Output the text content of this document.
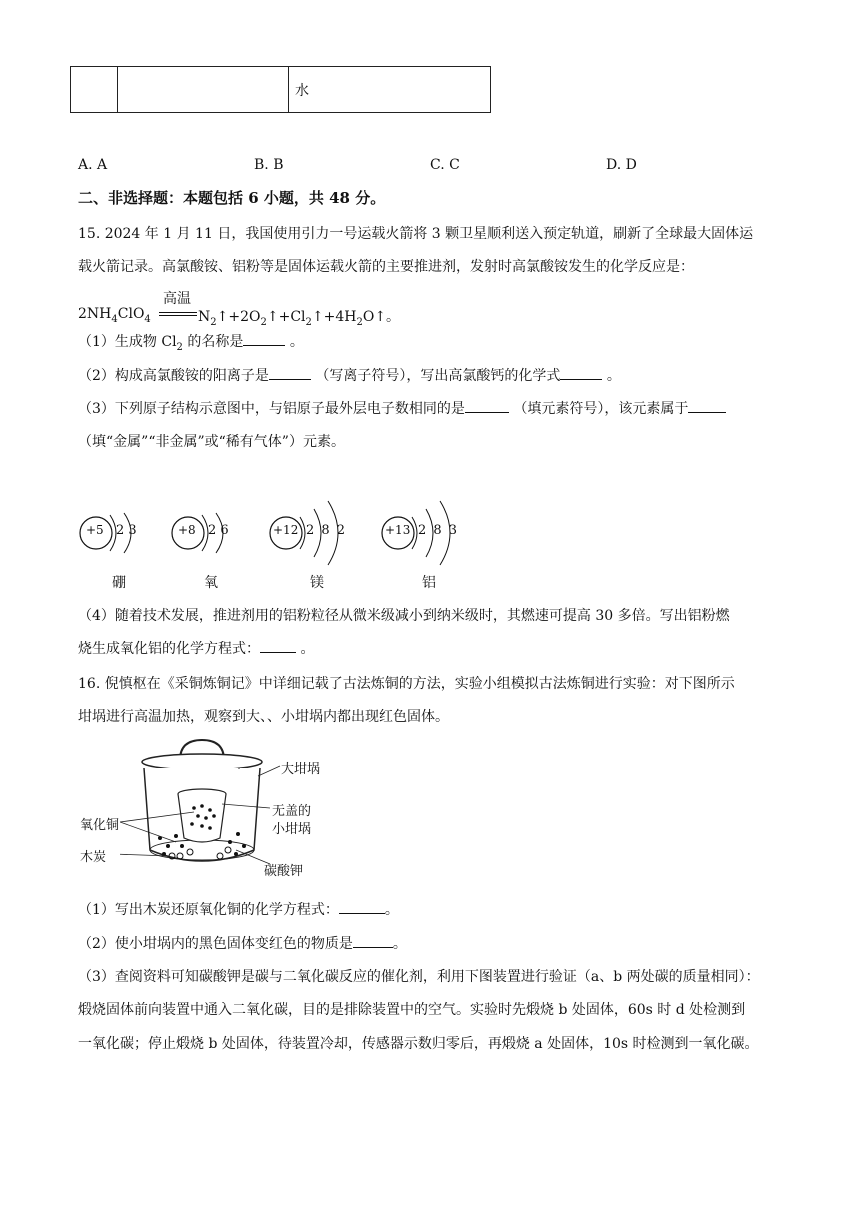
		水
A. A	B. B	C. C	D. D
二、非选择题：本题包括 6 小题，共 48 分。
15. 2024 年 1 月 11 日，我国使用引力一号运载火箭将 3 颗卫星顺利送入预定轨道，刷新了全球最大固体运
载火箭记录。高氯酸铵、铝粉等是固体运载火箭的主要推进剂，发射时高氯酸铵发生的化学反应是：
$2NH_4ClO_4$
高温
$N_2↑+2O_2↑+Cl_2↑+4H_2O↑$。
（1）生成物 $Cl_2$ 的名称是	。
（2）构成高氯酸铵的阳离子是	（写离子符号），写出高氯酸钙的化学式	。
（3）下列原子结构示意图中，与铝原子最外层电子数相同的是	（填元素符号），该元素属于
（填“金属”“非金属”或“稀有气体”）元素。
+5 2 3
硼
+8 2 6
氧
+12 2 8 2
镁
+13 2 8 3
铝
（4）随着技术发展，推进剂用的铝粉粒径从微米级减小到纳米级时，其燃速可提高 30 多倍。写出铝粉燃
烧生成氧化铝的化学方程式：	。
16. 倪慎枢在《采铜炼铜记》中详细记载了古法炼铜的方法，实验小组模拟古法炼铜进行实验：对下图所示
坩埚进行高温加热，观察到大、、小坩埚内都出现红色固体。
大坩埚
无盖的
小坩埚
氧化铜
木炭
碳酸钾
（1）写出木炭还原氧化铜的化学方程式：	。
（2）使小坩埚内的黑色固体变红色的物质是	。
（3）查阅资料可知碳酸钾是碳与二氧化碳反应的催化剂，利用下图装置进行验证（a、b 两处碳的质量相同）：
煅烧固体前向装置中通入二氧化碳，目的是排除装置中的空气。实验时先煅烧 b 处固体，60s 时 d 处检测到
一氧化碳；停止煅烧 b 处固体，待装置冷却，传感器示数归零后，再煅烧 a 处固体，10s 时检测到一氧化碳。
